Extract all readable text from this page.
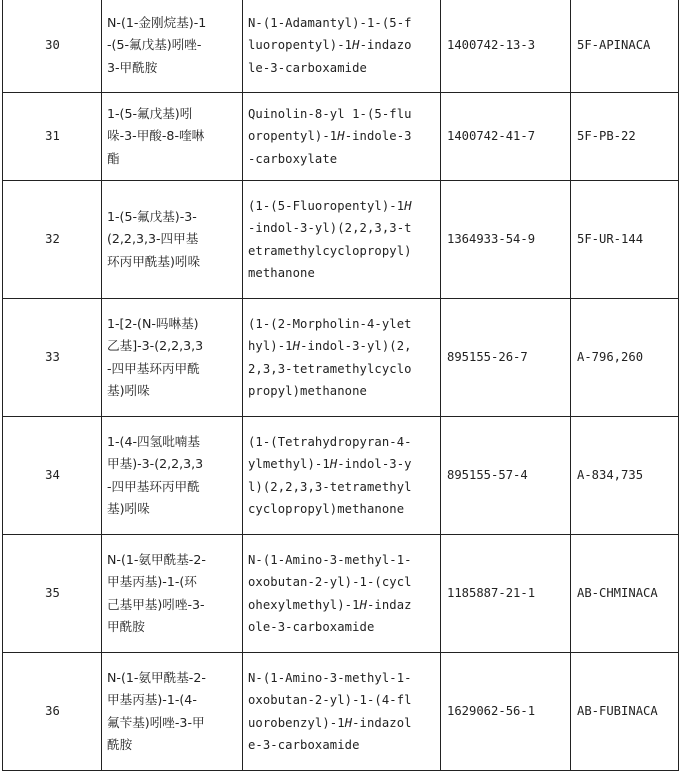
30	N-(1-金刚烷基)-1
-(5-氟戊基)吲唑-
3-甲酰胺	N-(1-Adamantyl)-1-(5-f
luoropentyl)-1H-indazo
le-3-carboxamide	1400742-13-3	5F-APINACA
31	1-(5-氟戊基)吲
哚-3-甲酸-8-喹啉
酯	Quinolin-8-yl 1-(5-flu
oropentyl)-1H-indole-3
-carboxylate	1400742-41-7	5F-PB-22
32	1-(5-氟戊基)-3-
(2,2,3,3-四甲基
环丙甲酰基)吲哚	(1-(5-Fluoropentyl)-1H
-indol-3-yl)(2,2,3,3-t
etramethylcyclopropyl)
methanone	1364933-54-9	5F-UR-144
33	1-[2-(N-吗啉基)
乙基]-3-(2,2,3,3
-四甲基环丙甲酰
基)吲哚	(1-(2-Morpholin-4-ylet
hyl)-1H-indol-3-yl)(2,
2,3,3-tetramethylcyclo
propyl)methanone	895155-26-7	A-796,260
34	1-(4-四氢吡喃基
甲基)-3-(2,2,3,3
-四甲基环丙甲酰
基)吲哚	(1-(Tetrahydropyran-4-
ylmethyl)-1H-indol-3-y
l)(2,2,3,3-tetramethyl
cyclopropyl)methanone	895155-57-4	A-834,735
35	N-(1-氨甲酰基-2-
甲基丙基)-1-(环
己基甲基)吲唑-3-
甲酰胺	N-(1-Amino-3-methyl-1-
oxobutan-2-yl)-1-(cycl
ohexylmethyl)-1H-indaz
ole-3-carboxamide	1185887-21-1	AB-CHMINACA
36	N-(1-氨甲酰基-2-
甲基丙基)-1-(4-
氟苄基)吲唑-3-甲
酰胺	N-(1-Amino-3-methyl-1-
oxobutan-2-yl)-1-(4-fl
uorobenzyl)-1H-indazol
e-3-carboxamide	1629062-56-1	AB-FUBINACA
